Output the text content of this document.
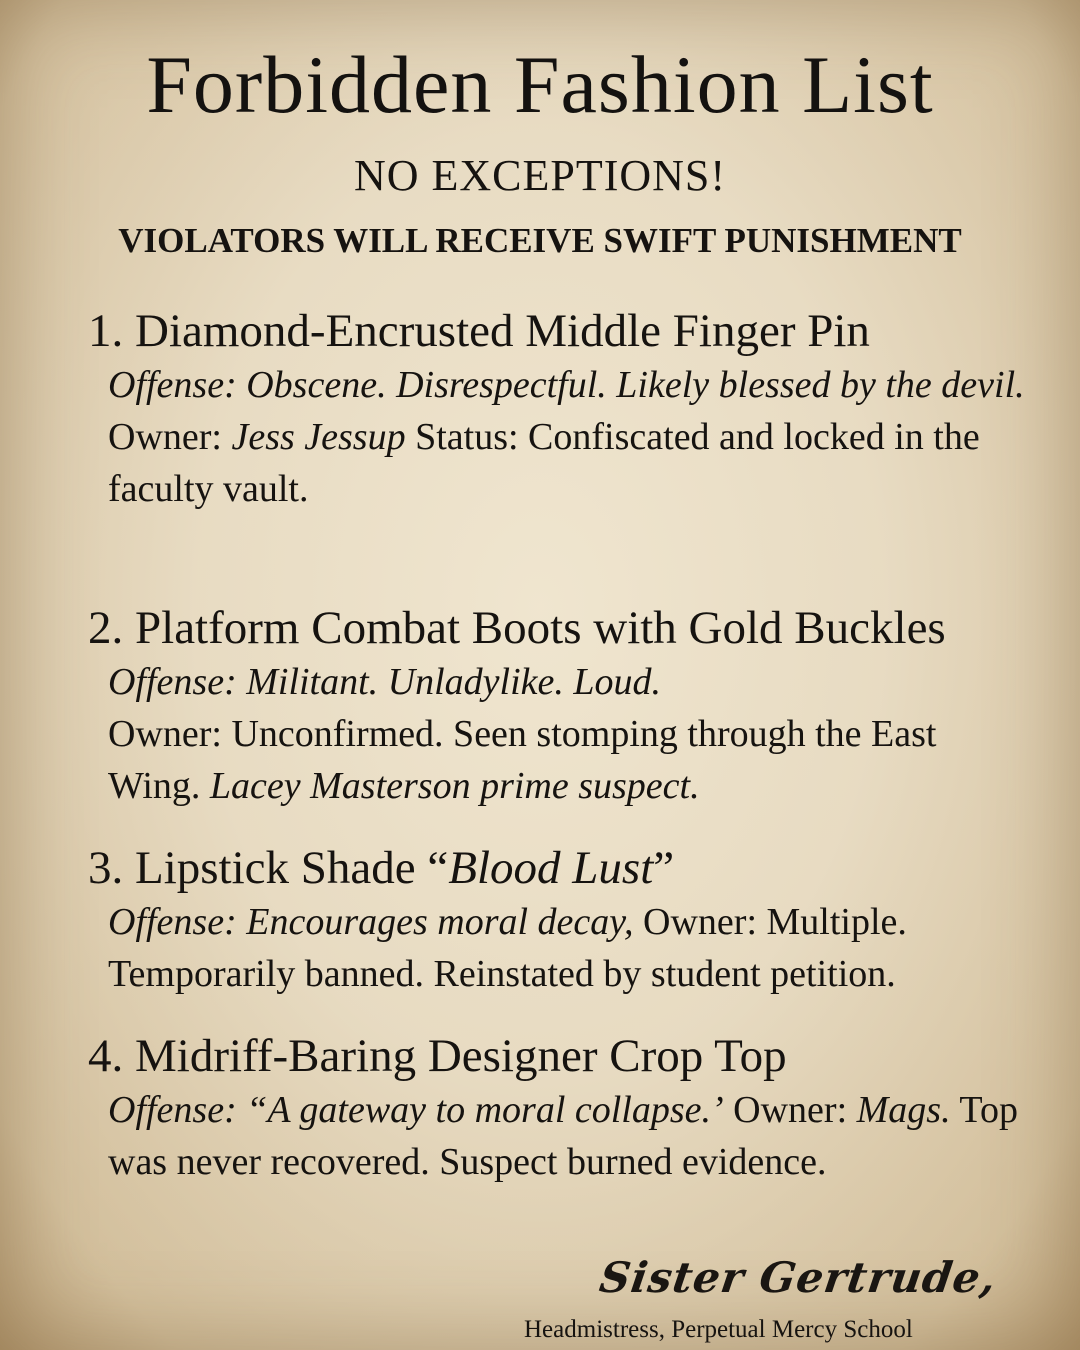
Forbidden Fashion List
NO EXCEPTIONS!
VIOLATORS WILL RECEIVE SWIFT PUNISHMENT
1. Diamond-Encrusted Middle Finger Pin
Offense: Obscene. Disrespectful. Likely blessed by the devil.
Owner: Jess Jessup Status: Confiscated and locked in the faculty vault.
2. Platform Combat Boots with Gold Buckles
Offense: Militant. Unladylike. Loud.
Owner: Unconfirmed. Seen stomping through the East Wing. Lacey Masterson prime suspect.
3. Lipstick Shade “Blood Lust”
Offense: Encourages moral decay, Owner: Multiple.
Temporarily banned. Reinstated by student petition.
4. Midriff-Baring Designer Crop Top
Offense: “A gateway to moral collapse.’ Owner: Mags. Top was never recovered. Suspect burned evidence.
Sister Gertrude,
Headmistress, Perpetual Mercy School
